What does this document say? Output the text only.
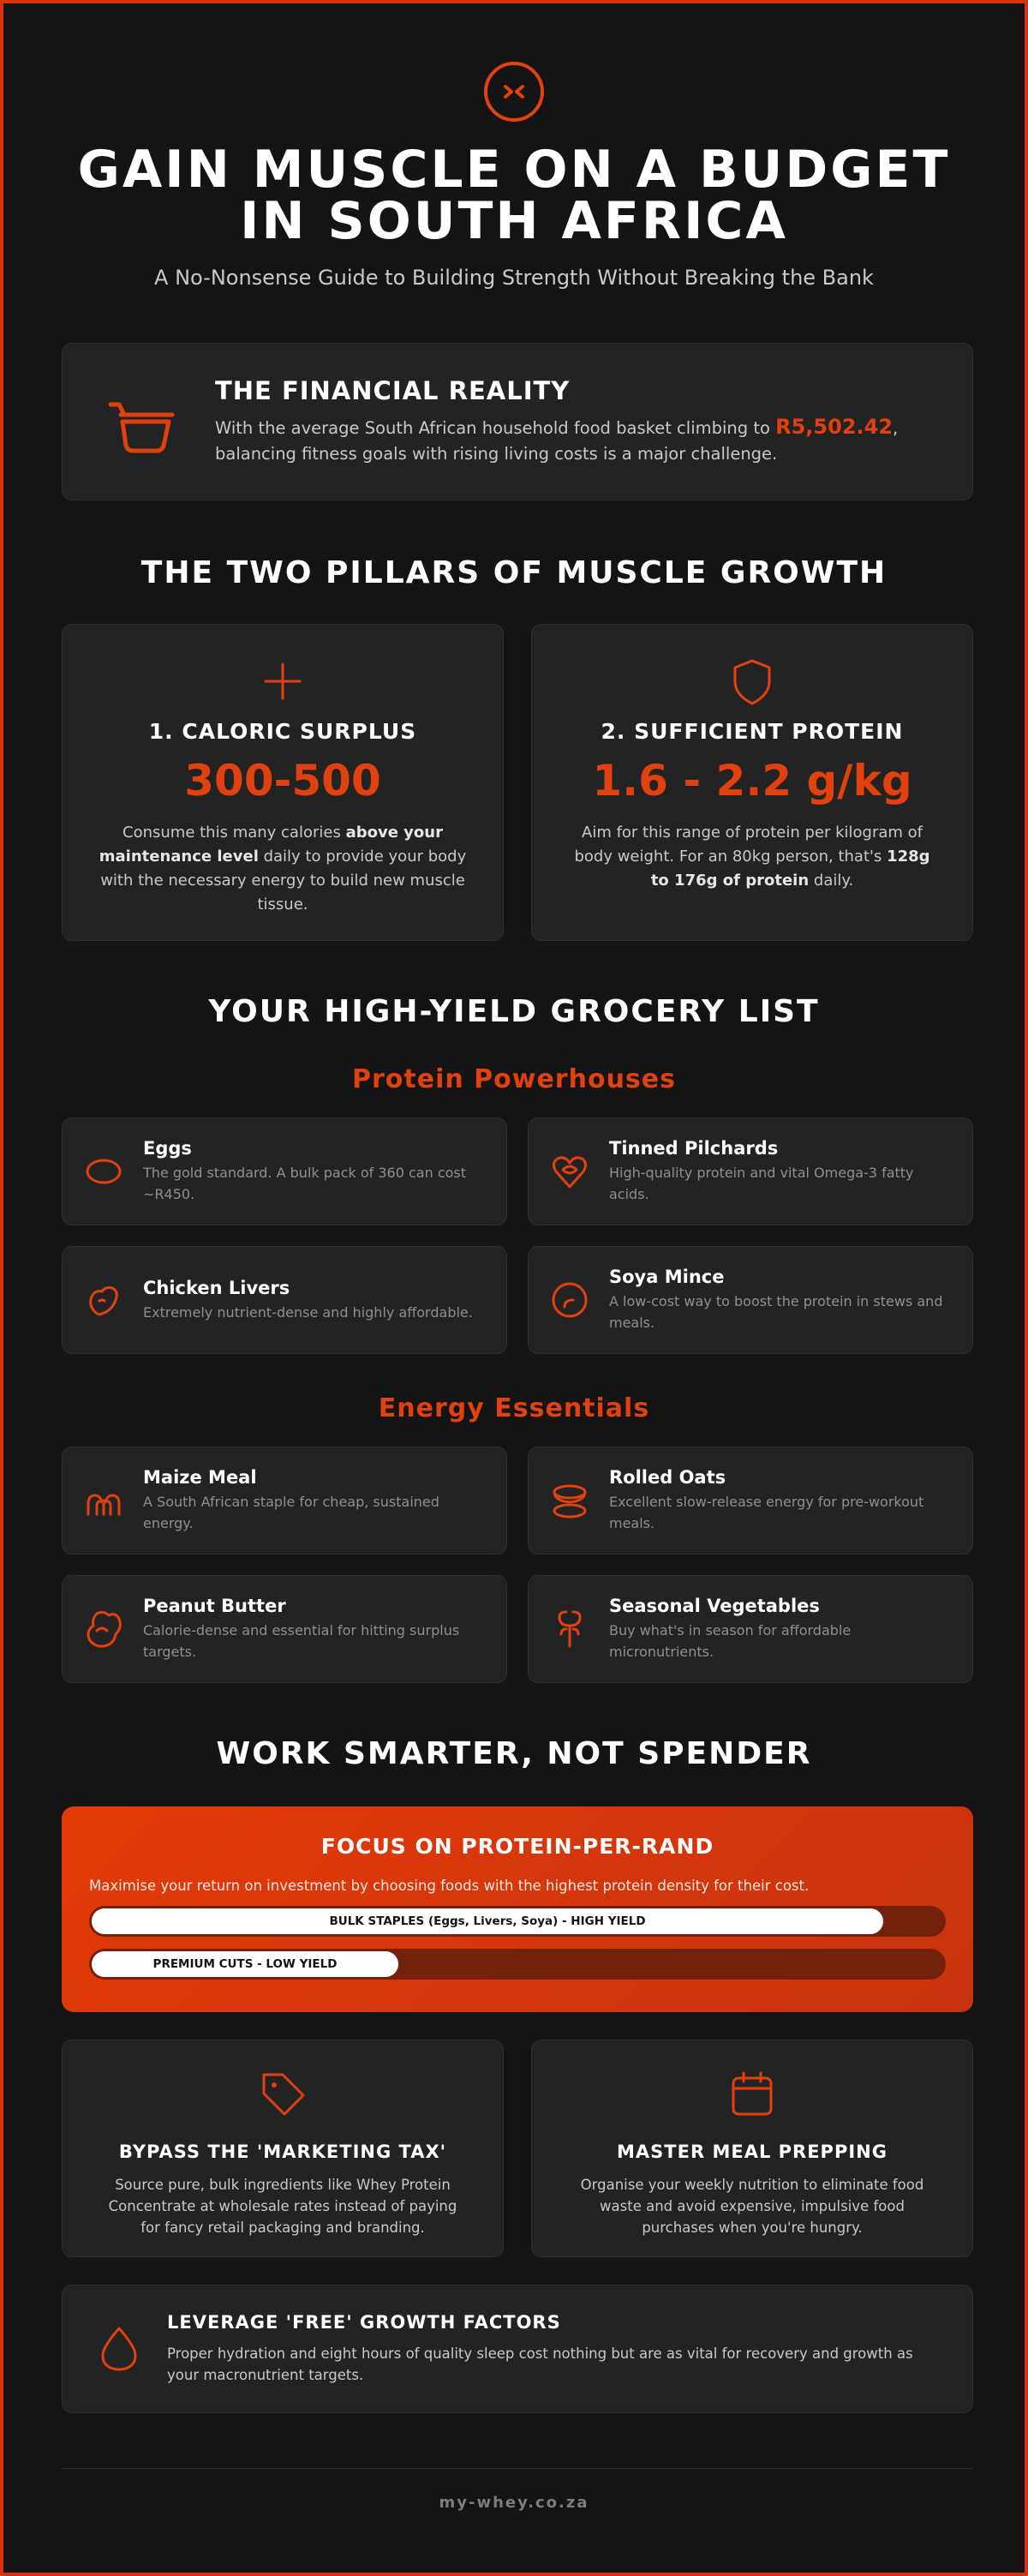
GAIN MUSCLE ON A BUDGET
IN SOUTH AFRICA
A No-Nonsense Guide to Building Strength Without Breaking the Bank
THE FINANCIAL REALITY
With the average South African household food basket climbing to R5,502.42, balancing fitness goals with rising living costs is a major challenge.
THE TWO PILLARS OF MUSCLE GROWTH
1. CALORIC SURPLUS
300-500
Consume this many calories above your maintenance level daily to provide your body with the necessary energy to build new muscle tissue.
2. SUFFICIENT PROTEIN
1.6 - 2.2 g/kg
Aim for this range of protein per kilogram of body weight. For an 80kg person, that's 128g to 176g of protein daily.
YOUR HIGH-YIELD GROCERY LIST
Protein Powerhouses
Eggs
The gold standard. A bulk pack of 360 can cost ~R450.
Tinned Pilchards
High-quality protein and vital Omega-3 fatty acids.
Chicken Livers
Extremely nutrient-dense and highly affordable.
Soya Mince
A low-cost way to boost the protein in stews and meals.
Energy Essentials
Maize Meal
A South African staple for cheap, sustained energy.
Rolled Oats
Excellent slow-release energy for pre-workout meals.
Peanut Butter
Calorie-dense and essential for hitting surplus targets.
Seasonal Vegetables
Buy what's in season for affordable micronutrients.
WORK SMARTER, NOT SPENDER
FOCUS ON PROTEIN-PER-RAND
Maximise your return on investment by choosing foods with the highest protein density for their cost.
BULK STAPLES (Eggs, Livers, Soya) - HIGH YIELD
PREMIUM CUTS - LOW YIELD
BYPASS THE 'MARKETING TAX'
Source pure, bulk ingredients like Whey Protein Concentrate at wholesale rates instead of paying for fancy retail packaging and branding.
MASTER MEAL PREPPING
Organise your weekly nutrition to eliminate food waste and avoid expensive, impulsive food purchases when you're hungry.
LEVERAGE 'FREE' GROWTH FACTORS
Proper hydration and eight hours of quality sleep cost nothing but are as vital for recovery and growth as your macronutrient targets.
my-whey.co.za
